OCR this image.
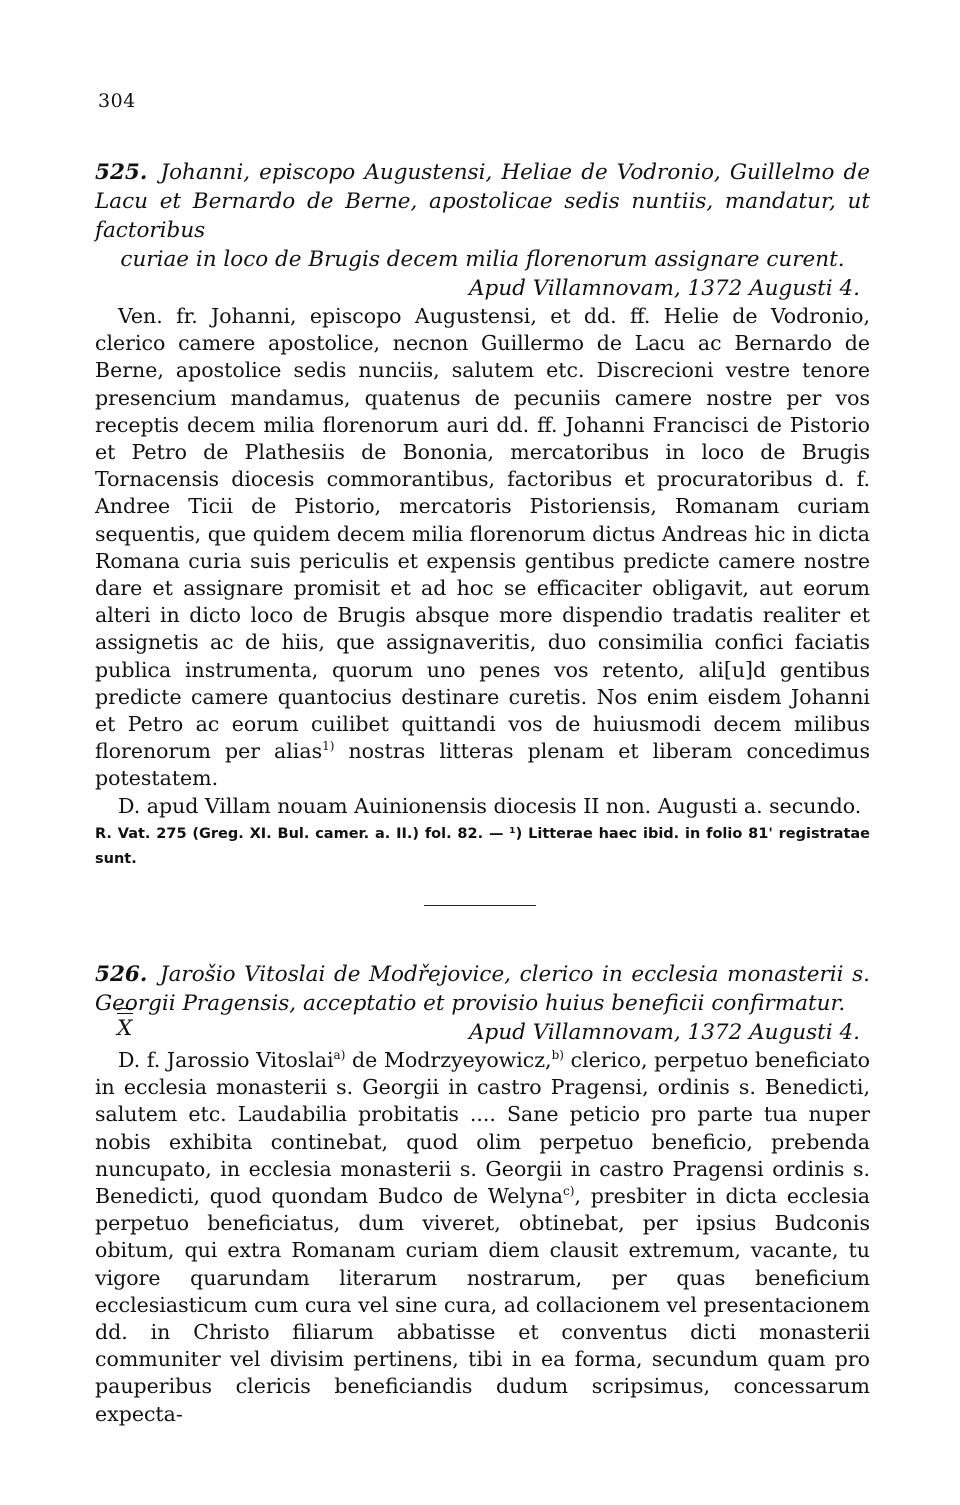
304
525. Johanni, episcopo Augustensi, Heliae de Vodronio, Guillelmo de Lacu et Bernardo de Berne, apostolicae sedis nuntiis, mandatur, ut factoribus
curiae in loco de Brugis decem milia florenorum assignare curent.
Apud Villamnovam, 1372 Augusti 4.

Ven. fr. Johanni, episcopo Augustensi, et dd. ff. Helie de Vodronio, clerico camere apostolice, necnon Guillermo de Lacu ac Bernardo de Berne, apostolice sedis nunciis, salutem etc. Discrecioni vestre tenore presencium mandamus, quatenus de pecuniis camere nostre per vos receptis decem milia florenorum auri dd. ff. Johanni Francisci de Pistorio et Petro de Plathesiis de Bononia, mercatoribus in loco de Brugis Tornacensis diocesis commorantibus, factoribus et procuratoribus d. f. Andree Ticii de Pistorio, mercatoris Pistoriensis, Romanam curiam sequentis, que quidem decem milia florenorum dictus Andreas hic in dicta Romana curia suis periculis et expensis gentibus predicte camere nostre dare et assignare promisit et ad hoc se efficaciter obligavit, aut eorum alteri in dicto loco de Brugis absque more dispendio tradatis realiter et assignetis ac de hiis, que assignaveritis, duo consimilia confici faciatis publica instrumenta, quorum uno penes vos retento, ali[u]d gentibus predicte camere quantocius destinare curetis. Nos enim eisdem Johanni et Petro ac eorum cuilibet quittandi vos de huiusmodi decem milibus florenorum per alias$^{1)}$ nostras litteras plenam et liberam concedimus potestatem.

D. apud Villam nouam Auinionensis diocesis II non. Augusti a. secundo.

R. Vat. 275 (Greg. XI. Bul. camer. a. II.) fol. 82. — ¹) Litterae haec ibid. in folio 81' registratae sunt.
526. Jarošio Vitoslai de Modřejovice, clerico in ecclesia monasterii s. Georgii Pragensis, acceptatio et provisio huius beneficii confirmatur.
X	Apud Villamnovam, 1372 Augusti 4.

D. f. Jarossio Vitoslai$^{a)}$ de Modrzyeyowicz,$^{b)}$ clerico, perpetuo beneficiato in ecclesia monasterii s. Georgii in castro Pragensi, ordinis s. Benedicti, salutem etc. Laudabilia probitatis .... Sane peticio pro parte tua nuper nobis exhibita continebat, quod olim perpetuo beneficio, prebenda nuncupato, in ecclesia monasterii s. Georgii in castro Pragensi ordinis s. Benedicti, quod quondam Budco de Welyna$^{c)}$, presbiter in dicta ecclesia perpetuo beneficiatus, dum viveret, obtinebat, per ipsius Budconis obitum, qui extra Romanam curiam diem clausit extremum, vacante, tu vigore quarundam literarum nostrarum, per quas beneficium ecclesiasticum cum cura vel sine cura, ad collacionem vel presentacionem dd. in Christo filiarum abbatisse et conventus dicti monasterii communiter vel divisim pertinens, tibi in ea forma, secundum quam pro pauperibus clericis beneficiandis dudum scripsimus, concessarum expecta-
